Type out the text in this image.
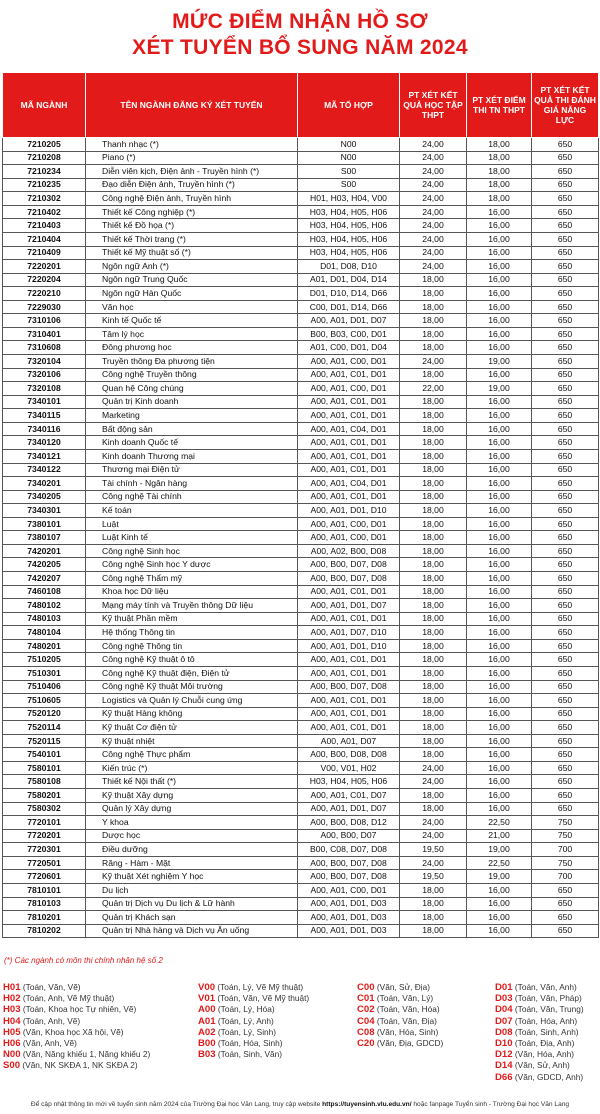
MỨC ĐIỂM NHẬN HỒ SƠ
XÉT TUYỂN BỔ SUNG NĂM 2024
MÃ NGÀNH	TÊN NGÀNH ĐĂNG KÝ XÉT TUYỂN	MÃ TỔ HỢP	PT XÉT KẾT QUẢ HỌC TẬP THPT	PT XÉT ĐIỂM THI TN THPT	PT XÉT KẾT QUẢ THI ĐÁNH GIÁ NĂNG LỰC
7210205	Thanh nhạc (*)	N00	24,00	18,00	650
7210208	Piano (*)	N00	24,00	18,00	650
7210234	Diễn viên kịch, Điện ảnh - Truyền hình (*)	S00	24,00	18,00	650
7210235	Đạo diễn Điện ảnh, Truyền hình (*)	S00	24,00	18,00	650
7210302	Công nghệ Điện ảnh, Truyền hình	H01, H03, H04, V00	24,00	18,00	650
7210402	Thiết kế Công nghiệp (*)	H03, H04, H05, H06	24,00	16,00	650
7210403	Thiết kế Đồ họa (*)	H03, H04, H05, H06	24,00	16,00	650
7210404	Thiết kế Thời trang (*)	H03, H04, H05, H06	24,00	16,00	650
7210409	Thiết kế Mỹ thuật số (*)	H03, H04, H05, H06	24,00	16,00	650
7220201	Ngôn ngữ Anh (*)	D01, D08, D10	24,00	16,00	650
7220204	Ngôn ngữ Trung Quốc	A01, D01, D04, D14	18,00	16,00	650
7220210	Ngôn ngữ Hàn Quốc	D01, D10, D14, D66	18,00	16,00	650
7229030	Văn học	C00, D01, D14, D66	18,00	16,00	650
7310106	Kinh tế Quốc tế	A00, A01, D01, D07	18,00	16,00	650
7310401	Tâm lý học	B00, B03, C00, D01	18,00	16,00	650
7310608	Đông phương học	A01, C00, D01, D04	18,00	16,00	650
7320104	Truyền thông Đa phương tiện	A00, A01, C00, D01	24,00	19,00	650
7320106	Công nghệ Truyền thông	A00, A01, C01, D01	18,00	16,00	650
7320108	Quan hệ Công chúng	A00, A01, C00, D01	22,00	19,00	650
7340101	Quản trị Kinh doanh	A00, A01, C01, D01	18,00	16,00	650
7340115	Marketing	A00, A01, C01, D01	18,00	16,00	650
7340116	Bất động sản	A00, A01, C04, D01	18,00	16,00	650
7340120	Kinh doanh Quốc tế	A00, A01, C01, D01	18,00	16,00	650
7340121	Kinh doanh Thương mại	A00, A01, C01, D01	18,00	16,00	650
7340122	Thương mại Điện tử	A00, A01, C01, D01	18,00	16,00	650
7340201	Tài chính - Ngân hàng	A00, A01, C04, D01	18,00	16,00	650
7340205	Công nghệ Tài chính	A00, A01, C01, D01	18,00	16,00	650
7340301	Kế toán	A00, A01, D01, D10	18,00	16,00	650
7380101	Luật	A00, A01, C00, D01	18,00	16,00	650
7380107	Luật Kinh tế	A00, A01, C00, D01	18,00	16,00	650
7420201	Công nghệ Sinh học	A00, A02, B00, D08	18,00	16,00	650
7420205	Công nghệ Sinh học Y dược	A00, B00, D07, D08	18,00	16,00	650
7420207	Công nghệ Thẩm mỹ	A00, B00, D07, D08	18,00	16,00	650
7460108	Khoa học Dữ liệu	A00, A01, C01, D01	18,00	16,00	650
7480102	Mạng máy tính và Truyền thông Dữ liệu	A00, A01, D01, D07	18,00	16,00	650
7480103	Kỹ thuật Phần mềm	A00, A01, C01, D01	18,00	16,00	650
7480104	Hệ thống Thông tin	A00, A01, D07, D10	18,00	16,00	650
7480201	Công nghệ Thông tin	A00, A01, D01, D10	18,00	16,00	650
7510205	Công nghệ Kỹ thuật ô tô	A00, A01, C01, D01	18,00	16,00	650
7510301	Công nghệ Kỹ thuật điện, Điện tử	A00, A01, C01, D01	18,00	16,00	650
7510406	Công nghệ Kỹ thuật Môi trường	A00, B00, D07, D08	18,00	16,00	650
7510605	Logistics và Quản lý Chuỗi cung ứng	A00, A01, C01, D01	18,00	16,00	650
7520120	Kỹ thuật Hàng không	A00, A01, C01, D01	18,00	16,00	650
7520114	Kỹ thuật Cơ điện tử	A00, A01, C01, D01	18,00	16,00	650
7520115	Kỹ thuật nhiệt	A00, A01, D07	18,00	16,00	650
7540101	Công nghệ Thực phẩm	A00, B00, D08, D08	18,00	16,00	650
7580101	Kiến trúc (*)	V00, V01, H02	24,00	16,00	650
7580108	Thiết kế Nội thất (*)	H03, H04, H05, H06	24,00	16,00	650
7580201	Kỹ thuật Xây dựng	A00, A01, C01, D07	18,00	16,00	650
7580302	Quản lý Xây dựng	A00, A01, D01, D07	18,00	16,00	650
7720101	Y khoa	A00, B00, D08, D12	24,00	22,50	750
7720201	Dược học	A00, B00, D07	24,00	21,00	750
7720301	Điều dưỡng	B00, C08, D07, D08	19,50	19,00	700
7720501	Răng - Hàm - Mặt	A00, B00, D07, D08	24,00	22,50	750
7720601	Kỹ thuật Xét nghiệm Y học	A00, B00, D07, D08	19,50	19,00	700
7810101	Du lịch	A00, A01, C00, D01	18,00	16,00	650
7810103	Quản trị Dịch vụ Du lịch & Lữ hành	A00, A01, D01, D03	18,00	16,00	650
7810201	Quản trị Khách sạn	A00, A01, D01, D03	18,00	16,00	650
7810202	Quản trị Nhà hàng và Dịch vụ Ăn uống	A00, A01, D01, D03	18,00	16,00	650
(*) Các ngành có môn thi chính nhân hệ số 2
H01 (Toán, Văn, Vẽ)
H02 (Toán, Anh, Vẽ Mỹ thuật)
H03 (Toán, Khoa học Tự nhiên, Vẽ)
H04 (Toán, Anh, Vẽ)
H05 (Văn, Khoa học Xã hội, Vẽ)
H06 (Văn, Anh, Vẽ)
N00 (Văn, Năng khiếu 1, Năng khiếu 2)
S00 (Văn, NK SKĐA 1, NK SKĐA 2)
V00 (Toán, Lý, Vẽ Mỹ thuật)
V01 (Toán, Văn, Vẽ Mỹ thuật)
A00 (Toán, Lý, Hóa)
A01 (Toán, Lý, Anh)
A02 (Toán, Lý, Sinh)
B00 (Toán, Hóa, Sinh)
B03 (Toán, Sinh, Văn)
C00 (Văn, Sử, Địa)
C01 (Toán, Văn, Lý)
C02 (Toán, Văn, Hóa)
C04 (Toán, Văn, Địa)
C08 (Văn, Hóa, Sinh)
C20 (Văn, Địa, GDCD)
D01 (Toán, Văn, Anh)
D03 (Toán, Văn, Pháp)
D04 (Toán, Văn, Trung)
D07 (Toán, Hóa, Anh)
D08 (Toán, Sinh, Anh)
D10 (Toán, Địa, Anh)
D12 (Văn, Hóa, Anh)
D14 (Văn, Sử, Anh)
D66 (Văn, GDCD, Anh)
Để cập nhật thông tin mới về tuyển sinh năm 2024 của Trường Đại học Văn Lang, truy cập website https://tuyensinh.vlu.edu.vn/ hoặc fanpage Tuyển sinh - Trường Đại học Văn Lang
